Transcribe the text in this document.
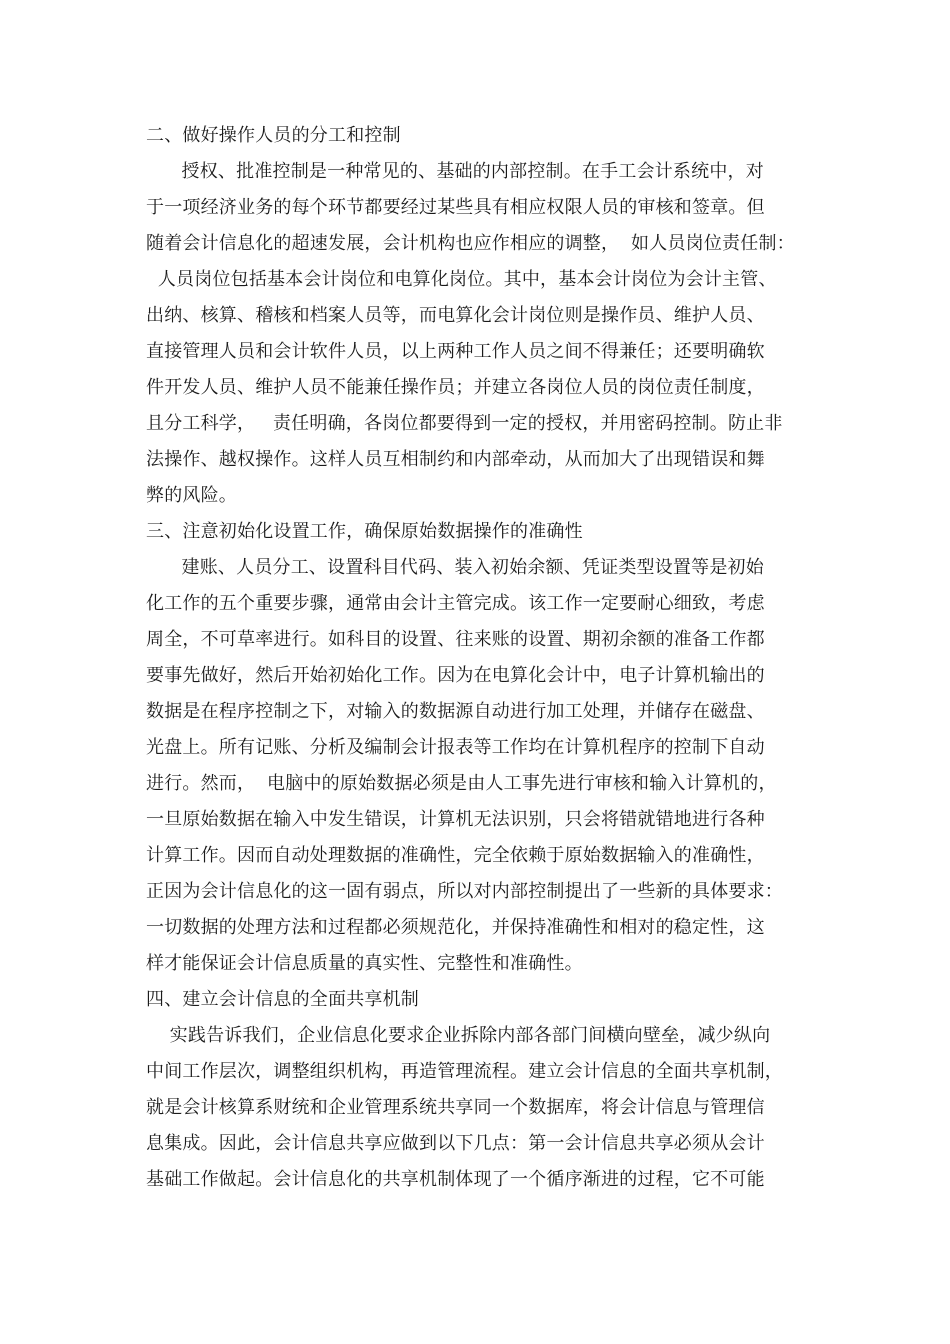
二、做好操作人员的分工和控制
授权、批准控制是一种常见的、基础的内部控制。在手工会计系统中，对
于一项经济业务的每个环节都要经过某些具有相应权限人员的审核和签章。但
随着会计信息化的超速发展，会计机构也应作相应的调整，  如人员岗位责任制：
人员岗位包括基本会计岗位和电算化岗位。其中，基本会计岗位为会计主管、
出纳、核算、稽核和档案人员等，而电算化会计岗位则是操作员、维护人员、
直接管理人员和会计软件人员，以上两种工作人员之间不得兼任；还要明确软
件开发人员、维护人员不能兼任操作员；并建立各岗位人员的岗位责任制度，
且分工科学，   责任明确，各岗位都要得到一定的授权，并用密码控制。防止非
法操作、越权操作。这样人员互相制约和内部牵动，从而加大了出现错误和舞
弊的风险。
三、注意初始化设置工作，确保原始数据操作的准确性
建账、人员分工、设置科目代码、装入初始余额、凭证类型设置等是初始
化工作的五个重要步骤，通常由会计主管完成。该工作一定要耐心细致，考虑
周全，不可草率进行。如科目的设置、往来账的设置、期初余额的准备工作都
要事先做好，然后开始初始化工作。因为在电算化会计中，电子计算机输出的
数据是在程序控制之下，对输入的数据源自动进行加工处理，并储存在磁盘、
光盘上。所有记账、分析及编制会计报表等工作均在计算机程序的控制下自动
进行。然而，  电脑中的原始数据必须是由人工事先进行审核和输入计算机的，
一旦原始数据在输入中发生错误，计算机无法识别，只会将错就错地进行各种
计算工作。因而自动处理数据的准确性，完全依赖于原始数据输入的准确性，
正因为会计信息化的这一固有弱点，所以对内部控制提出了一些新的具体要求：
一切数据的处理方法和过程都必须规范化，并保持准确性和相对的稳定性，这
样才能保证会计信息质量的真实性、完整性和准确性。
四、建立会计信息的全面共享机制
实践告诉我们，企业信息化要求企业拆除内部各部门间横向壁垒，减少纵向
中间工作层次，调整组织机构，再造管理流程。建立会计信息的全面共享机制，
就是会计核算系财统和企业管理系统共享同一个数据库，将会计信息与管理信
息集成。因此，会计信息共享应做到以下几点：第一会计信息共享必须从会计
基础工作做起。会计信息化的共享机制体现了一个循序渐进的过程，它不可能
